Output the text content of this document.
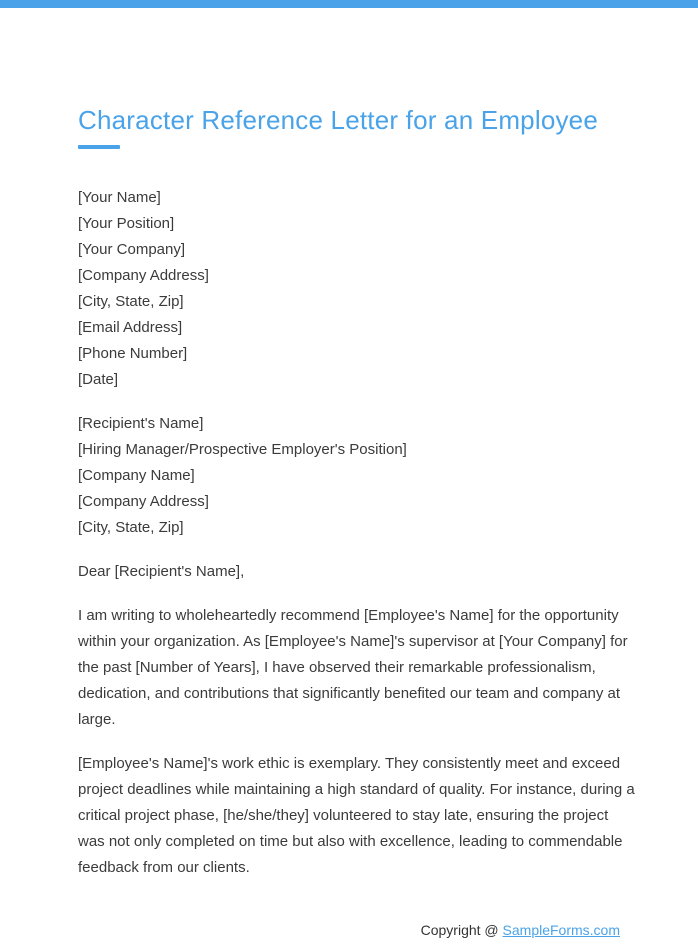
Character Reference Letter for an Employee
[Your Name]
[Your Position]
[Your Company]
[Company Address]
[City, State, Zip]
[Email Address]
[Phone Number]
[Date]
[Recipient's Name]
[Hiring Manager/Prospective Employer's Position]
[Company Name]
[Company Address]
[City, State, Zip]
Dear [Recipient's Name],

I am writing to wholeheartedly recommend [Employee's Name] for the opportunity within your organization. As [Employee's Name]'s supervisor at [Your Company] for the past [Number of Years], I have observed their remarkable professionalism, dedication, and contributions that significantly benefited our team and company at large.

[Employee's Name]'s work ethic is exemplary. They consistently meet and exceed project deadlines while maintaining a high standard of quality. For instance, during a critical project phase, [he/she/they] volunteered to stay late, ensuring the project was not only completed on time but also with excellence, leading to commendable feedback from our clients.

Copyright @ SampleForms.com
